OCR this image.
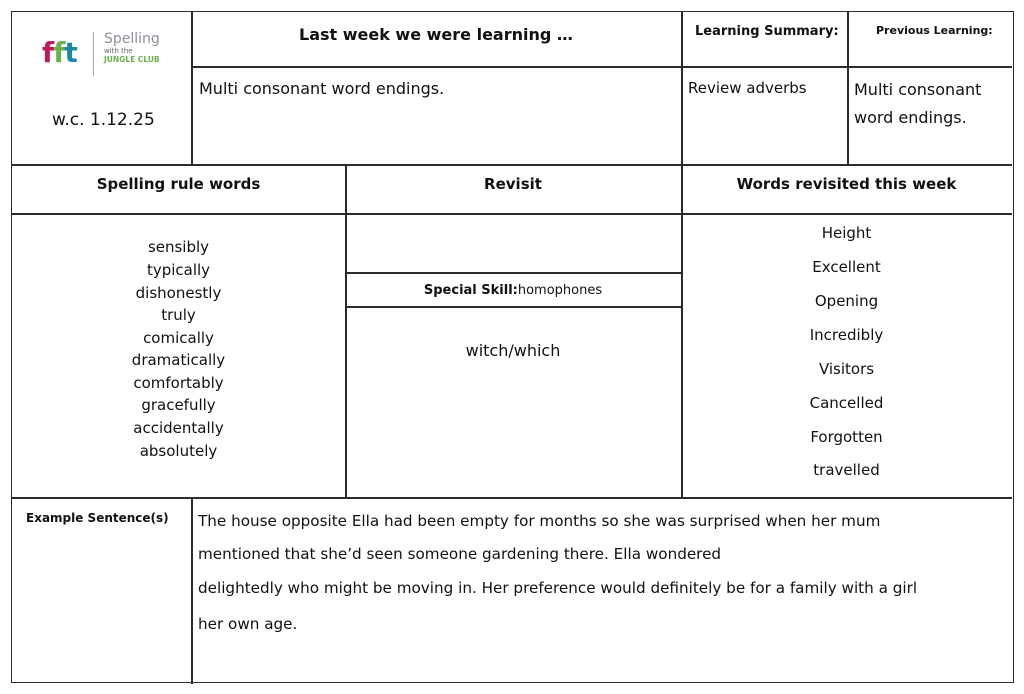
fft Spelling
with the
JUNGLE CLUB
w.c. 1.12.25
Last week we were learning …
Multi consonant word endings.
Learning Summary:
Review adverbs
Previous Learning:
Multi consonant
word endings.
Spelling rule words	Revisit	Words revisited this week
sensibly
typically
dishonestly
truly
comically
dramatically
comfortably
gracefully
accidentally
absolutely
Special Skill:homophones
witch/which
Height
Excellent
Opening
Incredibly
Visitors
Cancelled
Forgotten
travelled
Example Sentence(s) The house opposite Ella had been empty for months so she was surprised when her mum
mentioned that she’d seen someone gardening there. Ella wondered
delightedly who might be moving in. Her preference would definitely be for a family with a girl
her own age.
